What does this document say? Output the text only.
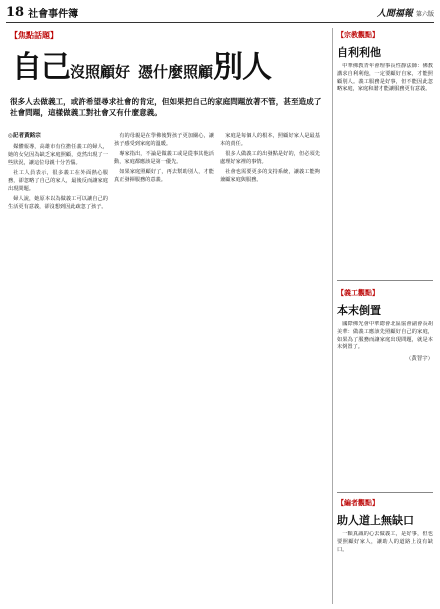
18 社會事件簿	人間福報 第六版
【焦點話題】
自己 沒照顧好 憑什麼照顧 別人
很多人去做義工，或許希望尋求社會的肯定，但如果把自己的家庭問題放著不管，甚至造成了社會問題，這樣做義工對社會又有什麼意義。
◎記者黃銘宗

媒體報導，高雄市有位擔任義工的婦人，她的女兒因為缺乏家庭照顧，竟然出現了一些狀況，讓這位母親十分苦惱。

社工人員表示，很多義工在外面熱心服務，卻忽略了自己的家人，最後反而讓家庭出現問題。

婦人說，她原本以為做義工可以讓自己的生活更有意義，卻沒想到因此疏忽了孩子。

有的母親是在學佛後對孩子更加關心，讓孩子感受到家庭的溫暖。

專家指出，不論是做義工或是從事其他活動，家庭都應該是第一優先。

如果家庭照顧好了，再去幫助別人，才能真正發揮服務的意義。

家庭是每個人的根本，照顧好家人是最基本的責任。

很多人做義工的出發點是好的，但必須先處理好家裡的事情。

社會也需要更多的支持系統，讓義工能夠兼顧家庭與服務。

【宗教觀點】
自利利他

中華佛教青年會理事長性靜法師：佛教講求自利利他，一定要顧好自家，才能照顧別人。義工服務是好事，但不能因此忽略家庭，家庭和諧才能讓服務更有意義。

【義工觀點】
本末倒置

國際佛光會中華總會北區協會副會長胡美華：做義工應該先照顧好自己的家庭，如果為了服務而讓家庭出現問題，就是本末倒置了。

（黃智宇）
【編者觀點】
助人道上無缺口

一顆真誠的心去做義工，是好事，但也要照顧好家人，讓助人的道路上沒有缺口。
